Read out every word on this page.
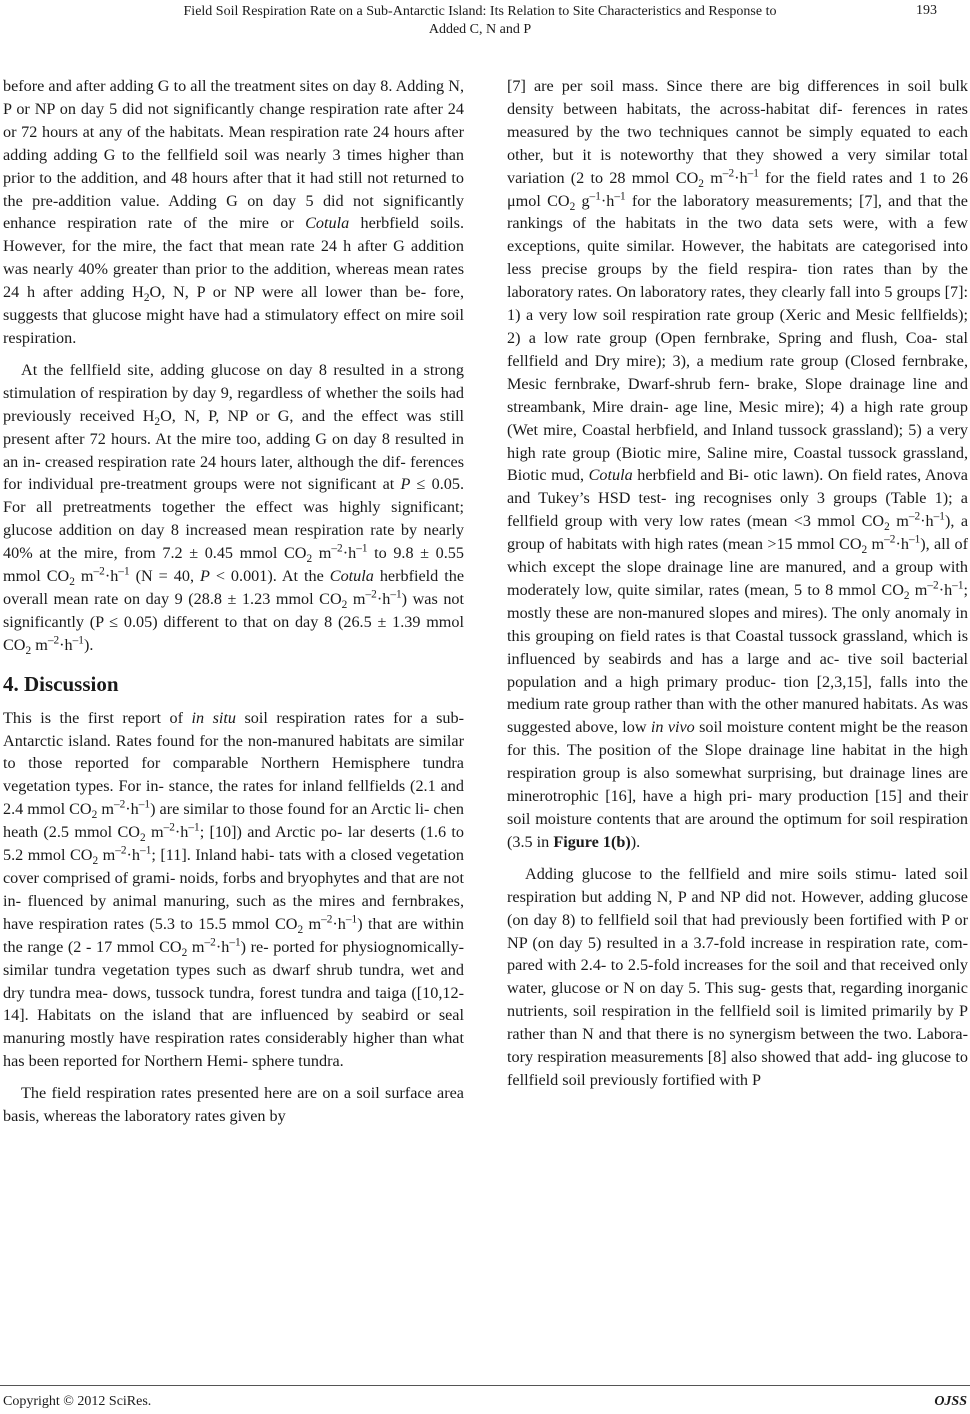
Field Soil Respiration Rate on a Sub-Antarctic Island: Its Relation to Site Characteristics and Response to
Added C, N and P
193

before and after adding G to all the treatment sites on day 8. Adding N, P or NP on day 5 did not significantly change respiration rate after 24 or 72 hours at any of the habitats. Mean respiration rate 24 hours after adding adding G to the fellfield soil was nearly 3 times higher than prior to the addition, and 48 hours after that it had still not returned to the pre-addition value. Adding G on day 5 did not significantly enhance respiration rate of the mire or Cotula herbfield soils. However, for the mire, the fact that mean rate 24 h after G addition was nearly 40% greater than prior to the addition, whereas mean rates 24 h after adding $H_2O$, N, P or NP were all lower than be- fore, suggests that glucose might have had a stimulatory effect on mire soil respiration.

At the fellfield site, adding glucose on day 8 resulted in a strong stimulation of respiration by day 9, regardless of whether the soils had previously received $H_2O$, N, P, NP or G, and the effect was still present after 72 hours. At the mire too, adding G on day 8 resulted in an in- creased respiration rate 24 hours later, although the dif- ferences for individual pre-treatment groups were not significant at P ≤ 0.05. For all pretreatments together the effect was highly significant; glucose addition on day 8 increased mean respiration rate by nearly 40% at the mire, from 7.2 ± 0.45 mmol $CO_2$ $m^{-2}\cdot h^{-1}$ to 9.8 ± 0.55 mmol $CO_2$ $m^{-2}\cdot h^{-1}$ (N = 40, P < 0.001). At the Cotula herbfield the overall mean rate on day 9 (28.8 ± 1.23 mmol $CO_2$ $m^{-2}\cdot h^{-1}$) was not significantly (P ≤ 0.05) different to that on day 8 (26.5 ± 1.39 mmol $CO_2$ $m^{-2}\cdot h^{-1}$).

4. Discussion

This is the first report of in situ soil respiration rates for a sub-Antarctic island. Rates found for the non-manured habitats are similar to those reported for comparable Northern Hemisphere tundra vegetation types. For in- stance, the rates for inland fellfields (2.1 and 2.4 mmol $CO_2$ $m^{-2}\cdot h^{-1}$) are similar to those found for an Arctic li- chen heath (2.5 mmol $CO_2$ $m^{-2}\cdot h^{-1}$; [10]) and Arctic po- lar deserts (1.6 to 5.2 mmol $CO_2$ $m^{-2}\cdot h^{-1}$; [11]. Inland habi- tats with a closed vegetation cover comprised of grami- noids, forbs and bryophytes and that are not in- fluenced by animal manuring, such as the mires and fernbrakes, have respiration rates (5.3 to 15.5 mmol $CO_2$ $m^{-2}\cdot h^{-1}$) that are within the range (2 - 17 mmol $CO_2$ $m^{-2}\cdot h^{-1}$) re- ported for physiognomically-similar tundra vegetation types such as dwarf shrub tundra, wet and dry tundra mea- dows, tussock tundra, forest tundra and taiga ([10,12-14]. Habitats on the island that are influenced by seabird or seal manuring mostly have respiration rates considerably higher than what has been reported for Northern Hemi- sphere tundra.

The field respiration rates presented here are on a soil surface area basis, whereas the laboratory rates given by

[7] are per soil mass. Since there are big differences in soil bulk density between habitats, the across-habitat dif- ferences in rates measured by the two techniques cannot be simply equated to each other, but it is noteworthy that they showed a very similar total variation (2 to 28 mmol $CO_2$ $m^{-2}\cdot h^{-1}$ for the field rates and 1 to 26 μmol $CO_2$ $g^{-1}\cdot h^{-1}$ for the laboratory measurements; [7], and that the rankings of the habitats in the two data sets were, with a few exceptions, quite similar. However, the habitats are categorised into less precise groups by the field respira- tion rates than by the laboratory rates. On laboratory rates, they clearly fall into 5 groups [7]: 1) a very low soil respiration rate group (Xeric and Mesic fellfields); 2) a low rate group (Open fernbrake, Spring and flush, Coa- stal fellfield and Dry mire); 3), a medium rate group (Closed fernbrake, Mesic fernbrake, Dwarf-shrub fern- brake, Slope drainage line and streambank, Mire drain- age line, Mesic mire); 4) a high rate group (Wet mire, Coastal herbfield, and Inland tussock grassland); 5) a very high rate group (Biotic mire, Saline mire, Coastal tussock grassland, Biotic mud, Cotula herbfield and Bi- otic lawn). On field rates, Anova and Tukey’s HSD test- ing recognises only 3 groups (Table 1); a fellfield group with very low rates (mean <3 mmol $CO_2$ $m^{-2}\cdot h^{-1}$), a group of habitats with high rates (mean >15 mmol $CO_2$ $m^{-2}\cdot h^{-1}$), all of which except the slope drainage line are manured, and a group with moderately low, quite similar, rates (mean, 5 to 8 mmol $CO_2$ $m^{-2}\cdot h^{-1}$; mostly these are non-manured slopes and mires). The only anomaly in this grouping on field rates is that Coastal tussock grassland, which is influenced by seabirds and has a large and ac- tive soil bacterial population and a high primary produc- tion [2,3,15], falls into the medium rate group rather than with the other manured habitats. As was suggested above, low in vivo soil moisture content might be the reason for this. The position of the Slope drainage line habitat in the high respiration group is also somewhat surprising, but drainage lines are minerotrophic [16], have a high pri- mary production [15] and their soil moisture contents that are around the optimum for soil respiration (3.5 in Figure 1(b)).

Adding glucose to the fellfield and mire soils stimu- lated soil respiration but adding N, P and NP did not. However, adding glucose (on day 8) to fellfield soil that had previously been fortified with P or NP (on day 5) resulted in a 3.7-fold increase in respiration rate, com- pared with 2.4- to 2.5-fold increases for the soil and that received only water, glucose or N on day 5. This sug- gests that, regarding inorganic nutrients, soil respiration in the fellfield soil is limited primarily by P rather than N and that there is no synergism between the two. Labora- tory respiration measurements [8] also showed that add- ing glucose to fellfield soil previously fortified with P

Copyright © 2012 SciRes.	OJSS
